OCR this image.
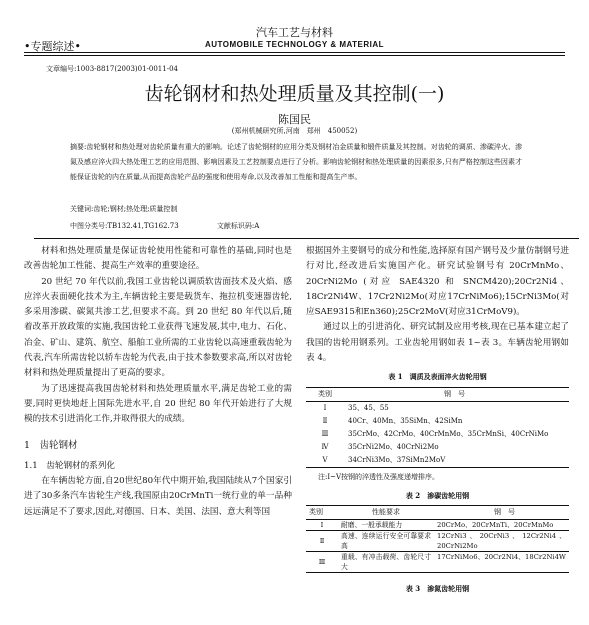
•专题综述•
汽车工艺与材料
AUTOMOBILE TECHNOLOGY & MATERIAL
文章编号:1003-8817(2003)01-0011-04
齿轮钢材和热处理质量及其控制(一)
陈国民
(郑州机械研究所,河南　郑州　450052)

摘要:齿轮钢材和热处理对齿轮质量有重大的影响。论述了齿轮钢材的应用分类及钢材冶金质量和锻件质量及其控制。对齿轮的调质、渗碳淬火、渗氮及感应淬火四大热处理工艺的应用范围、影响因素及工艺控制要点进行了分析。影响齿轮钢材和热处理质量的因素很多,只有严格控制这些因素才能保证齿轮的内在质量,从而提高齿轮产品的强度和使用寿命,以及改善加工性能和提高生产率。

关键词:齿轮;钢材;热处理;质量控制
中图分类号:TB132.41,TG162.73	文献标识码:A

材料和热处理质量是保证齿轮使用性能和可靠性的基础,同时也是改善齿轮加工性能、提高生产效率的重要途径。

20 世纪 70 年代以前,我国工业齿轮以调质软齿面技术及火焰、感应淬火表面硬化技术为主,车辆齿轮主要是载货车、拖拉机变速器齿轮,多采用渗碳、碳氮共渗工艺,但要求不高。到 20 世纪 80 年代以后,随着改革开放政策的实施,我国齿轮工业获得飞速发展,其中,电力、石化、冶金、矿山、建筑、航空、船舶工业所需的工业齿轮以高速重载齿轮为代表,汽车所需齿轮以轿车齿轮为代表,由于技术参数要求高,所以对齿轮材料和热处理质量提出了更高的要求。

为了迅速提高我国齿轮材料和热处理质量水平,满足齿轮工业的需要,同时更快地赶上国际先进水平,自 20 世纪 80 年代开始进行了大规模的技术引进消化工作,并取得很大的成绩。

1　齿轮钢材

1.1　齿轮钢材的系列化

在车辆齿轮方面,自20世纪80年代中期开始,我国陆续从7个国家引进了30多条汽车齿轮生产线,我国原由20CrMnTi一统行业的单一品种远远满足不了要求,因此,对德国、日本、美国、法国、意大利等国

根据国外主要钢号的成分和性能,选择原有国产钢号及少量仿制钢号进行对比,经改进后实施国产化。研究试验钢号有 20CrMnMo、20CrNi2Mo (对应 SAE4320 和 SNCM420);20Cr2Ni4、18Cr2Ni4W、17Cr2Ni2Mo(对应17CrNiMo6);15CrNi3Mo(对应SAE9315和En360);25Cr2MoV(对应31CrMoV9)。

通过以上的引进消化、研究试制及应用考核,现在已基本建立起了我国的齿轮用钢系列。工业齿轮用钢如表 1~表 3。车辆齿轮用钢如表 4。

表 1　调质及表面淬火齿轮用钢
类别	钢　号
Ⅰ	35、45、55
Ⅱ	40Cr、40Mn、35SiMn、42SiMn
Ⅲ	35CrMo、42CrMo、40CrMnMo、35CrMnSi、40CrNiMo
Ⅳ	35CrNi2Mo、40CrNi2Mo
Ⅴ	34CrNi3Mo、37SiMn2MoV
注:Ⅰ~Ⅴ按钢的淬透性及强度递增排序。
表 2　渗碳齿轮用钢
类别	性能要求	钢　号
Ⅰ	耐磨、一般承载能力	20CrMo、20CrMnTi、20CrMnMo
Ⅱ	高速、连续运行安全可靠要求高	12CrNi3、20CrNi3、12Cr2Ni4、20CrNi2Mo
Ⅲ	重载、有冲击载荷、齿轮尺寸大	17CrNiMo6、20Cr2Ni4、18Cr2Ni4W
表 3　渗氮齿轮用钢
